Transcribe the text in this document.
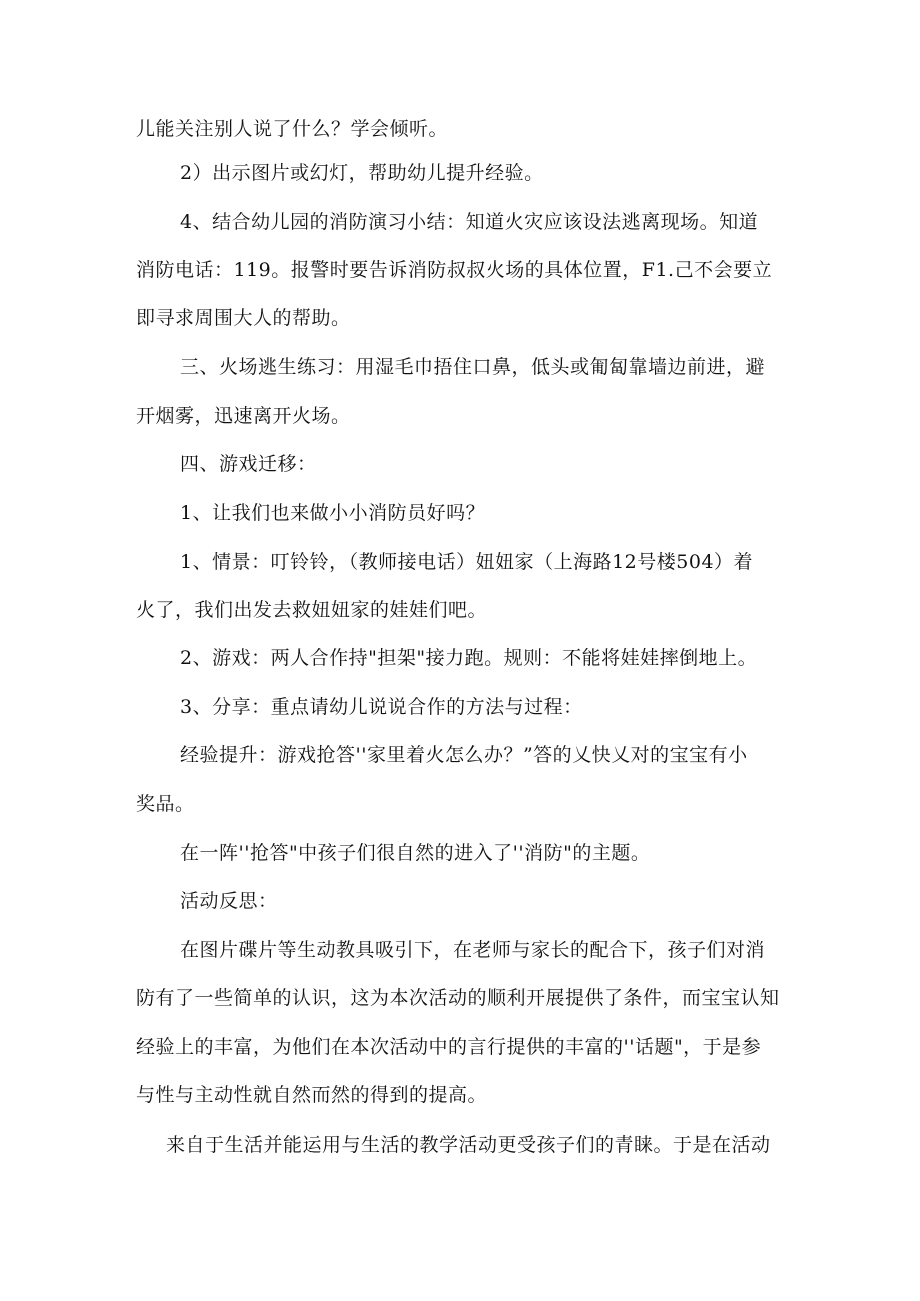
儿能关注别人说了什么？学会倾听。
2）出示图片或幻灯，帮助幼儿提升经验。
4、结合幼儿园的消防演习小结：知道火灾应该设法逃离现场。知道
消防电话：119。报警时要告诉消防叔叔火场的具体位置，F1.己不会要立
即寻求周围大人的帮助。
三、火场逃生练习：用湿毛巾捂住口鼻，低头或匍匐靠墙边前进，避
开烟雾，迅速离开火场。
四、游戏迁移：
1、让我们也来做小小消防员好吗？
1、情景：叮铃铃，（教师接电话）妞妞家（上海路12号楼504）着
火了，我们出发去救妞妞家的娃娃们吧。
2、游戏：两人合作持"担架"接力跑。规则：不能将娃娃摔倒地上。
3、分享：重点请幼儿说说合作的方法与过程：
经验提升：游戏抢答''家里着火怎么办？”答的乂快乂对的宝宝有小
奖品。
在一阵''抢答"中孩子们很自然的进入了''消防"的主题。
活动反思：
在图片碟片等生动教具吸引下，在老师与家长的配合下，孩子们对消
防有了一些简单的认识，这为本次活动的顺利开展提供了条件，而宝宝认知
经验上的丰富，为他们在本次活动中的言行提供的丰富的''话题"，于是参
与性与主动性就自然而然的得到的提高。
来自于生活并能运用与生活的教学活动更受孩子们的青睐。于是在活动
